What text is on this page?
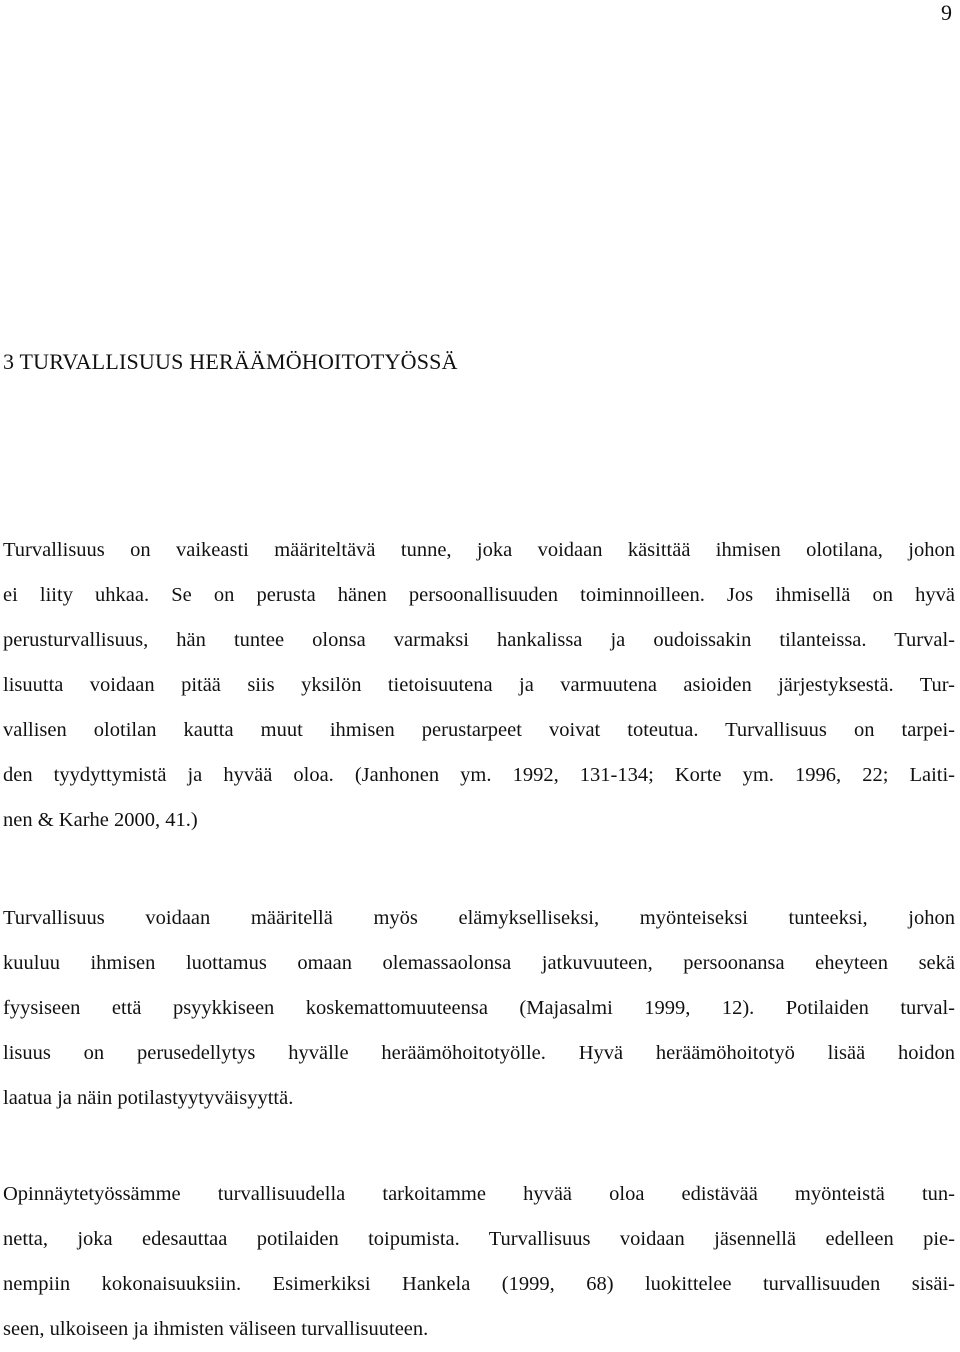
9
3 TURVALLISUUS HERÄÄMÖHOITOTYÖSSÄ

Turvallisuus on vaikeasti määriteltävä tunne, joka voidaan käsittää ihmisen olotilana, johon
ei liity uhkaa. Se on perusta hänen persoonallisuuden toiminnoilleen. Jos ihmisellä on hyvä
perusturvallisuus, hän tuntee olonsa varmaksi hankalissa ja oudoissakin tilanteissa. Turval-
lisuutta voidaan pitää siis yksilön tietoisuutena ja varmuutena asioiden järjestyksestä. Tur-
vallisen olotilan kautta muut ihmisen perustarpeet voivat toteutua. Turvallisuus on tarpei-
den tyydyttymistä ja hyvää oloa. (Janhonen ym. 1992, 131-134; Korte ym. 1996, 22; Laiti-
nen & Karhe 2000, 41.)

Turvallisuus voidaan määritellä myös elämykselliseksi, myönteiseksi tunteeksi, johon
kuuluu ihmisen luottamus omaan olemassaolonsa jatkuvuuteen, persoonansa eheyteen sekä
fyysiseen että psyykkiseen koskemattomuuteensa (Majasalmi 1999, 12). Potilaiden turval-
lisuus on perusedellytys hyvälle heräämöhoitotyölle. Hyvä heräämöhoitotyö lisää hoidon
laatua ja näin potilastyytyväisyyttä.

Opinnäytetyössämme turvallisuudella tarkoitamme hyvää oloa edistävää myönteistä tun-
netta, joka edesauttaa potilaiden toipumista. Turvallisuus voidaan jäsennellä edelleen pie-
nempiin kokonaisuuksiin. Esimerkiksi Hankela (1999, 68) luokittelee turvallisuuden sisäi-
seen, ulkoiseen ja ihmisten väliseen turvallisuuteen.
